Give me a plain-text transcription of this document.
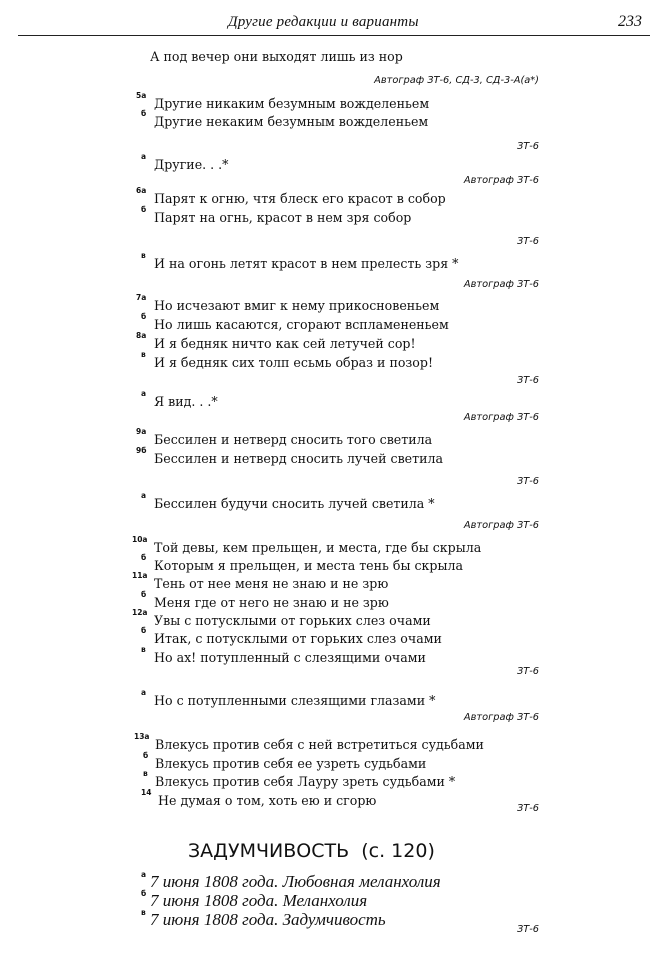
Другие редакции и варианты	233
А под вечер они выходят лишь из нор
Автограф ЗТ-6, СД-3, СД-3-А(а*)
5а
Другие никаким безумным вожделеньем
б
Другие некаким безумным вожделеньем
ЗТ-6
а
Другие. . .*
Автограф ЗТ-6
6а
Парят к огню, чтя блеск его красот в собор
б
Парят на огнь, красот в нем зря собор
ЗТ-6
в
И на огонь летят красот в нем прелесть зря *
Автограф ЗТ-6
7а
Но исчезают вмиг к нему прикосновеньем
б
Но лишь касаются, сгорают вспламененьем
8а
И я бедняк ничто как сей летучей сор!
в
И я бедняк сих толп есьмь образ и позор!
ЗТ-6
а
Я вид. . .*
Автограф ЗТ-6
9а
Бессилен и нетверд сносить того светила
9б
Бессилен и нетверд сносить лучей светила
ЗТ-6
а
Бессилен будучи сносить лучей светила *
Автограф ЗТ-6
10а
Той девы, кем прельщен, и места, где бы скрыла
б
Которым я прельщен, и места тень бы скрыла
11а
Тень от нее меня не знаю и не зрю
б
Меня где от него не знаю и не зрю
12а
Увы с потусклыми от горьких слез очами
б
Итак, с потусклыми от горьких слез очами
в
Но ах! потупленный с слезящими очами
ЗТ-6
а
Но с потупленными слезящими глазами *
Автограф ЗТ-6
13а
Влекусь против себя с ней встретиться судьбами
б
Влекусь против себя ее узреть судьбами
в
Влекусь против себя Лауру зреть судьбами *
14
Не думая о том, хоть ею и сгорю
ЗТ-6
ЗАДУМЧИВОСТЬ (с. 120)
а 7 июня 1808 года. Любовная меланхолия
б 7 июня 1808 года. Меланхолия
в 7 июня 1808 года. Задумчивость
ЗТ-6
